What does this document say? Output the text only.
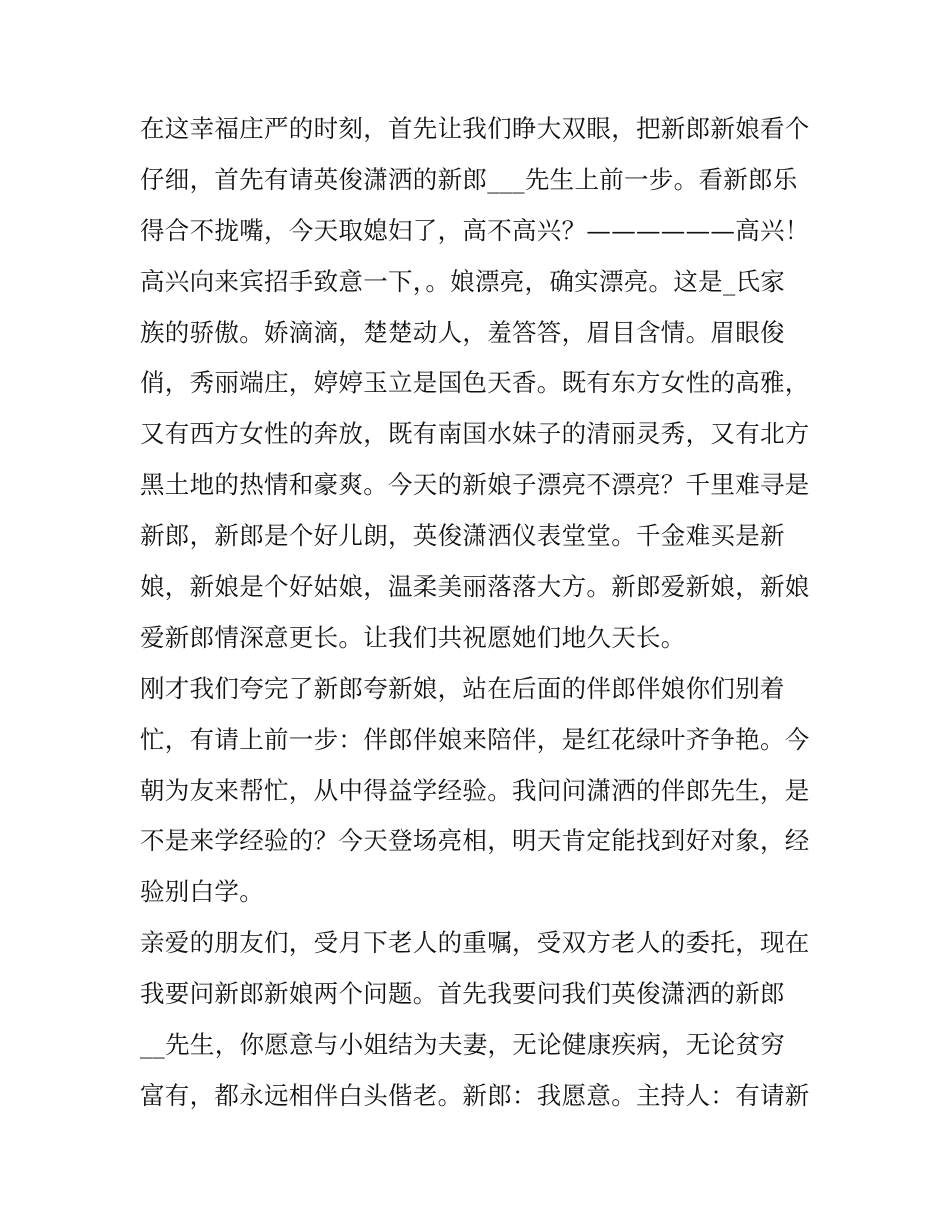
在这幸福庄严的时刻，首先让我们睁大双眼，把新郎新娘看个
仔细，首先有请英俊潇洒的新郎___先生上前一步。看新郎乐
得合不拢嘴，今天取媳妇了，高不高兴？——————高兴！
高兴向来宾招手致意一下，。娘漂亮，确实漂亮。这是_氏家
族的骄傲。娇滴滴，楚楚动人，羞答答，眉目含情。眉眼俊
俏，秀丽端庄，婷婷玉立是国色天香。既有东方女性的高雅，
又有西方女性的奔放，既有南国水妹子的清丽灵秀，又有北方
黑土地的热情和豪爽。今天的新娘子漂亮不漂亮？千里难寻是
新郎，新郎是个好儿朗，英俊潇洒仪表堂堂。千金难买是新
娘，新娘是个好姑娘，温柔美丽落落大方。新郎爱新娘，新娘
爱新郎情深意更长。让我们共祝愿她们地久天长。
刚才我们夸完了新郎夸新娘，站在后面的伴郎伴娘你们别着
忙，有请上前一步：伴郎伴娘来陪伴，是红花绿叶齐争艳。今
朝为友来帮忙，从中得益学经验。我问问潇洒的伴郎先生，是
不是来学经验的？今天登场亮相，明天肯定能找到好对象，经
验别白学。
亲爱的朋友们，受月下老人的重嘱，受双方老人的委托，现在
我要问新郎新娘两个问题。首先我要问我们英俊潇洒的新郎
__先生，你愿意与小姐结为夫妻，无论健康疾病，无论贫穷
富有，都永远相伴白头偕老。新郎：我愿意。主持人：有请新
